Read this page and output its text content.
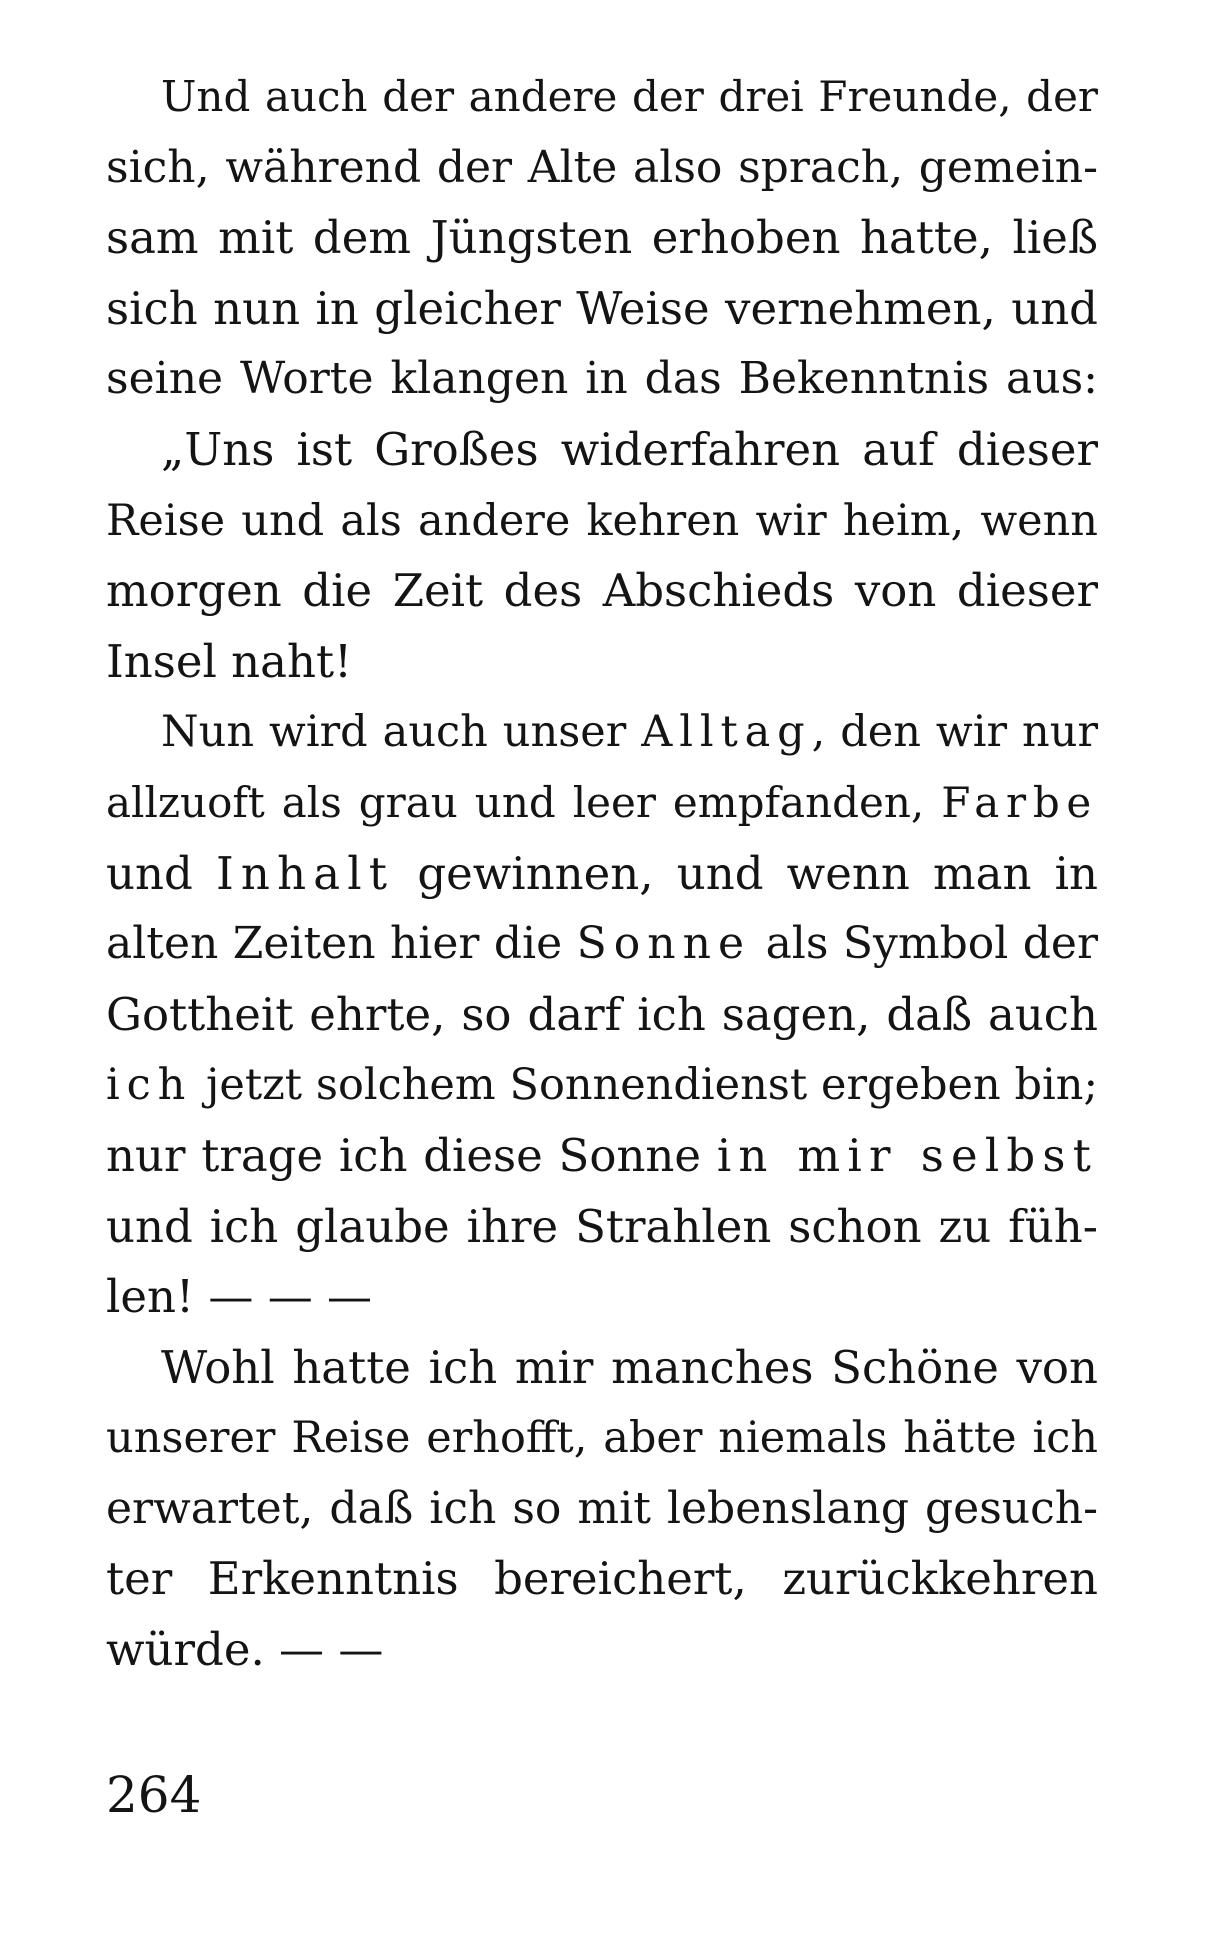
Und auch der andere der drei Freunde, der
sich, während der Alte also sprach, gemein-
sam mit dem Jüngsten erhoben hatte, ließ
sich nun in gleicher Weise vernehmen, und
seine Worte klangen in das Bekenntnis aus:
„Uns ist Großes widerfahren auf dieser
Reise und als andere kehren wir heim, wenn
morgen die Zeit des Abschieds von dieser
Insel naht!
Nun wird auch unser Alltag, den wir nur
allzuoft als grau und leer empfanden, Farbe
und Inhalt gewinnen, und wenn man in
alten Zeiten hier die Sonne als Symbol der
Gottheit ehrte, so darf ich sagen, daß auch
ich jetzt solchem Sonnendienst ergeben bin;
nur trage ich diese Sonne in mir selbst
und ich glaube ihre Strahlen schon zu füh-
len! — — —
Wohl hatte ich mir manches Schöne von
unserer Reise erhofft, aber niemals hätte ich
erwartet, daß ich so mit lebenslang gesuch-
ter Erkenntnis bereichert, zurückkehren
würde. — —
264
